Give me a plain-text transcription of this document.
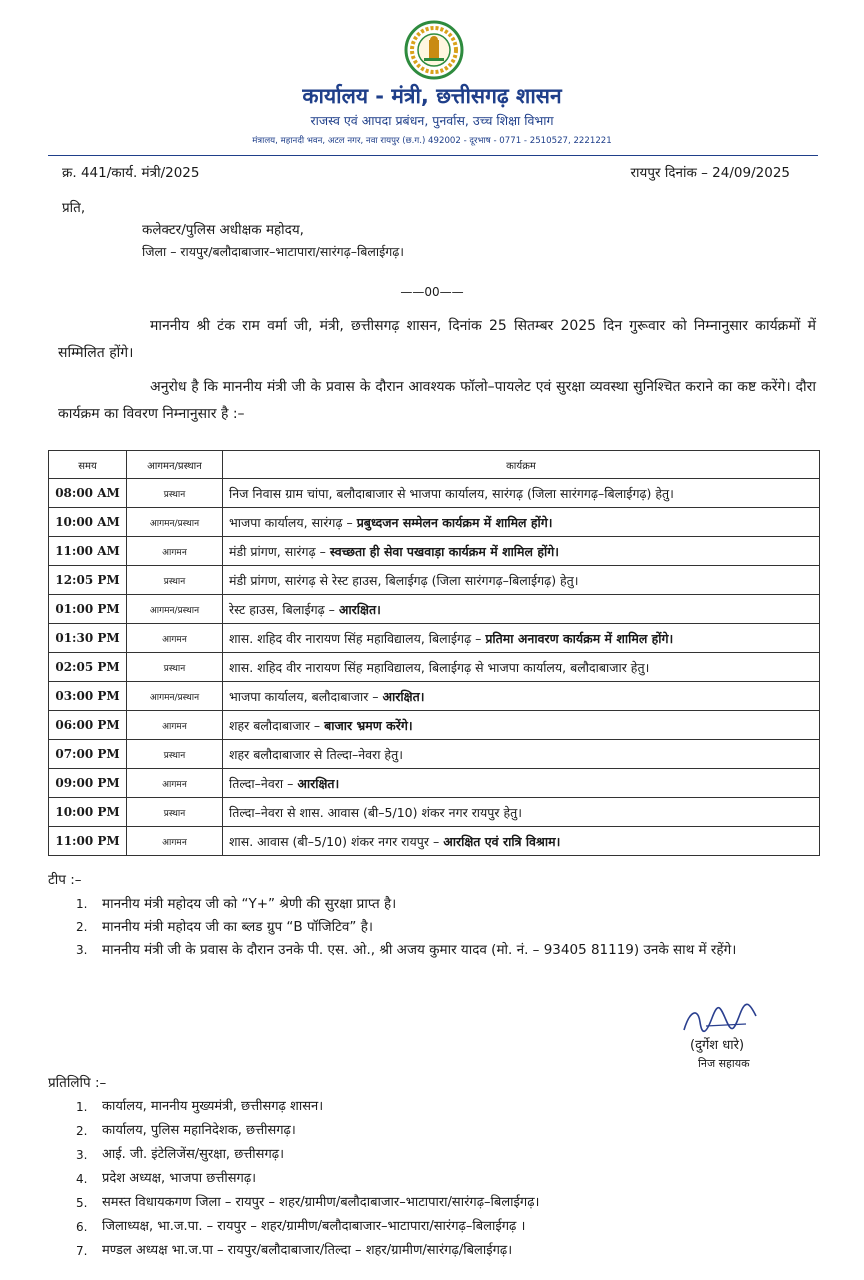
कार्यालय - मंत्री, छत्तीसगढ़ शासन
राजस्व एवं आपदा प्रबंधन, पुनर्वास, उच्च शिक्षा विभाग
मंत्रालय, महानदी भवन, अटल नगर, नवा रायपुर (छ.ग.) 492002 - दूरभाष - 0771 - 2510527, 2221221
क्र. 441/कार्य. मंत्री/2025	रायपुर दिनांक – 24/09/2025
प्रति,
कलेक्टर/पुलिस अधीक्षक महोदय,
जिला – रायपुर/बलौदाबाजार–भाटापारा/सारंगढ़–बिलाईगढ़।
——00——

माननीय श्री टंक राम वर्मा जी, मंत्री, छत्तीसगढ़ शासन, दिनांक 25 सितम्बर 2025 दिन गुरूवार को निम्नानुसार कार्यक्रमों में सम्मिलित होंगे।

अनुरोध है कि माननीय मंत्री जी के प्रवास के दौरान आवश्यक फॉलो–पायलेट एवं सुरक्षा व्यवस्था सुनिश्चित कराने का कष्ट करेंगे। दौरा कार्यक्रम का विवरण निम्नानुसार है :–

समय	आगमन/प्रस्थान	कार्यक्रम
08:00 AM	प्रस्थान	निज निवास ग्राम चांपा, बलौदाबाजार से भाजपा कार्यालय, सारंगढ़ (जिला सारंगगढ़–बिलाईगढ़) हेतु।
10:00 AM	आगमन/प्रस्थान	भाजपा कार्यालय, सारंगढ़ – प्रबुध्दजन सम्मेलन कार्यक्रम में शामिल होंगे।
11:00 AM	आगमन	मंडी प्रांगण, सारंगढ़ – स्वच्छता ही सेवा पखवाड़ा कार्यक्रम में शामिल होंगे।
12:05 PM	प्रस्थान	मंडी प्रांगण, सारंगढ़ से रेस्ट हाउस, बिलाईगढ़ (जिला सारंगगढ़–बिलाईगढ़) हेतु।
01:00 PM	आगमन/प्रस्थान	रेस्ट हाउस, बिलाईगढ़ – आरक्षित।
01:30 PM	आगमन	शास. शहिद वीर नारायण सिंह महाविद्यालय, बिलाईगढ़ – प्रतिमा अनावरण कार्यक्रम में शामिल होंगे।
02:05 PM	प्रस्थान	शास. शहिद वीर नारायण सिंह महाविद्यालय, बिलाईगढ़ से भाजपा कार्यालय, बलौदाबाजार हेतु।
03:00 PM	आगमन/प्रस्थान	भाजपा कार्यालय, बलौदाबाजार – आरक्षित।
06:00 PM	आगमन	शहर बलौदाबाजार – बाजार भ्रमण करेंगे।
07:00 PM	प्रस्थान	शहर बलौदाबाजार से तिल्दा–नेवरा हेतु।
09:00 PM	आगमन	तिल्दा–नेवरा – आरक्षित।
10:00 PM	प्रस्थान	तिल्दा–नेवरा से शास. आवास (बी–5/10) शंकर नगर रायपुर हेतु।
11:00 PM	आगमन	शास. आवास (बी–5/10) शंकर नगर रायपुर – आरक्षित एवं रात्रि विश्राम।
टीप :–
1. माननीय मंत्री महोदय जी को “Y+” श्रेणी की सुरक्षा प्राप्त है।
2. माननीय मंत्री महोदय जी का ब्लड ग्रुप “B पॉजिटिव” है।
3. माननीय मंत्री जी के प्रवास के दौरान उनके पी. एस. ओ., श्री अजय कुमार यादव (मो. नं. – 93405 81119) उनके साथ में रहेंगे।
(दुर्गेश धारे)
निज सहायक
प्रतिलिपि :–
1. कार्यालय, माननीय मुख्यमंत्री, छत्तीसगढ़ शासन।
2. कार्यालय, पुलिस महानिदेशक, छत्तीसगढ़।
3. आई. जी. इंटेलिजेंस/सुरक्षा, छत्तीसगढ़।
4. प्रदेश अध्यक्ष, भाजपा छत्तीसगढ़।
5. समस्त विधायकगण जिला – रायपुर – शहर/ग्रामीण/बलौदाबाजार–भाटापारा/सारंगढ़–बिलाईगढ़।
6. जिलाध्यक्ष, भा.ज.पा. – रायपुर – शहर/ग्रामीण/बलौदाबाजार–भाटापारा/सारंगढ़–बिलाईगढ़ ।
7. मण्डल अध्यक्ष भा.ज.पा – रायपुर/बलौदाबाजार/तिल्दा – शहर/ग्रामीण/सारंगढ़/बिलाईगढ़।
